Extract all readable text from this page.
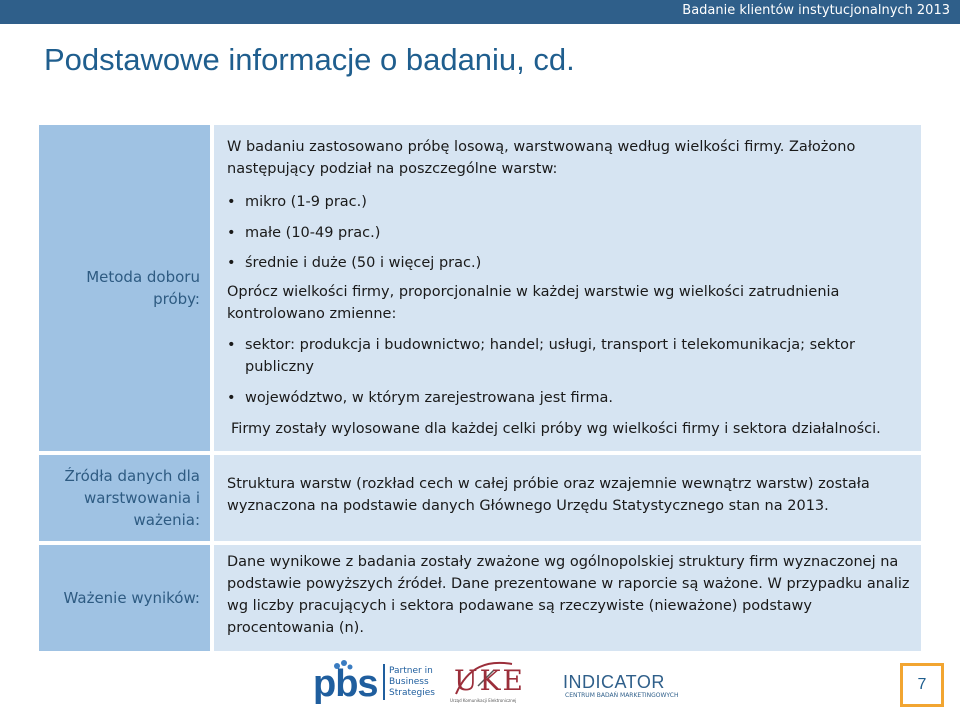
Badanie klientów instytucjonalnych 2013
Podstawowe informacje o badaniu, cd.
Metoda doboru próby:

W badaniu zastosowano próbę losową, warstwowaną według wielkości firmy. Założono następujący podział na poszczególne warstw:

• mikro (1-9 prac.)
• małe (10-49 prac.)
• średnie i duże (50 i więcej prac.)

Oprócz wielkości firmy, proporcjonalnie w każdej warstwie wg wielkości zatrudnienia kontrolowano zmienne:

• sektor: produkcja i budownictwo; handel; usługi, transport i telekomunikacja; sektor publiczny
• województwo, w którym zarejestrowana jest firma.

Firmy zostały wylosowane dla każdej celki próby wg wielkości firmy i sektora działalności.

Źródła danych dla warstwowania i ważenia:

Struktura warstw (rozkład cech w całej próbie oraz wzajemnie wewnątrz warstw) została wyznaczona na podstawie danych Głównego Urzędu Statystycznego stan na 2013.

Ważenie wyników:

Dane wynikowe z badania zostały zważone wg ogólnopolskiej struktury firm wyznaczonej na podstawie powyższych źródeł. Dane prezentowane w raporcie są ważone. W przypadku analiz wg liczby pracujących i sektora podawane są rzeczywiste (nieważone) podstawy procentowania (n).

pbs Partner in
Business
Strategies UKE
Urząd Komunikacji Elektronicznej
INDICATOR
CENTRUM BADAŃ MARKETINGOWYCH
7
